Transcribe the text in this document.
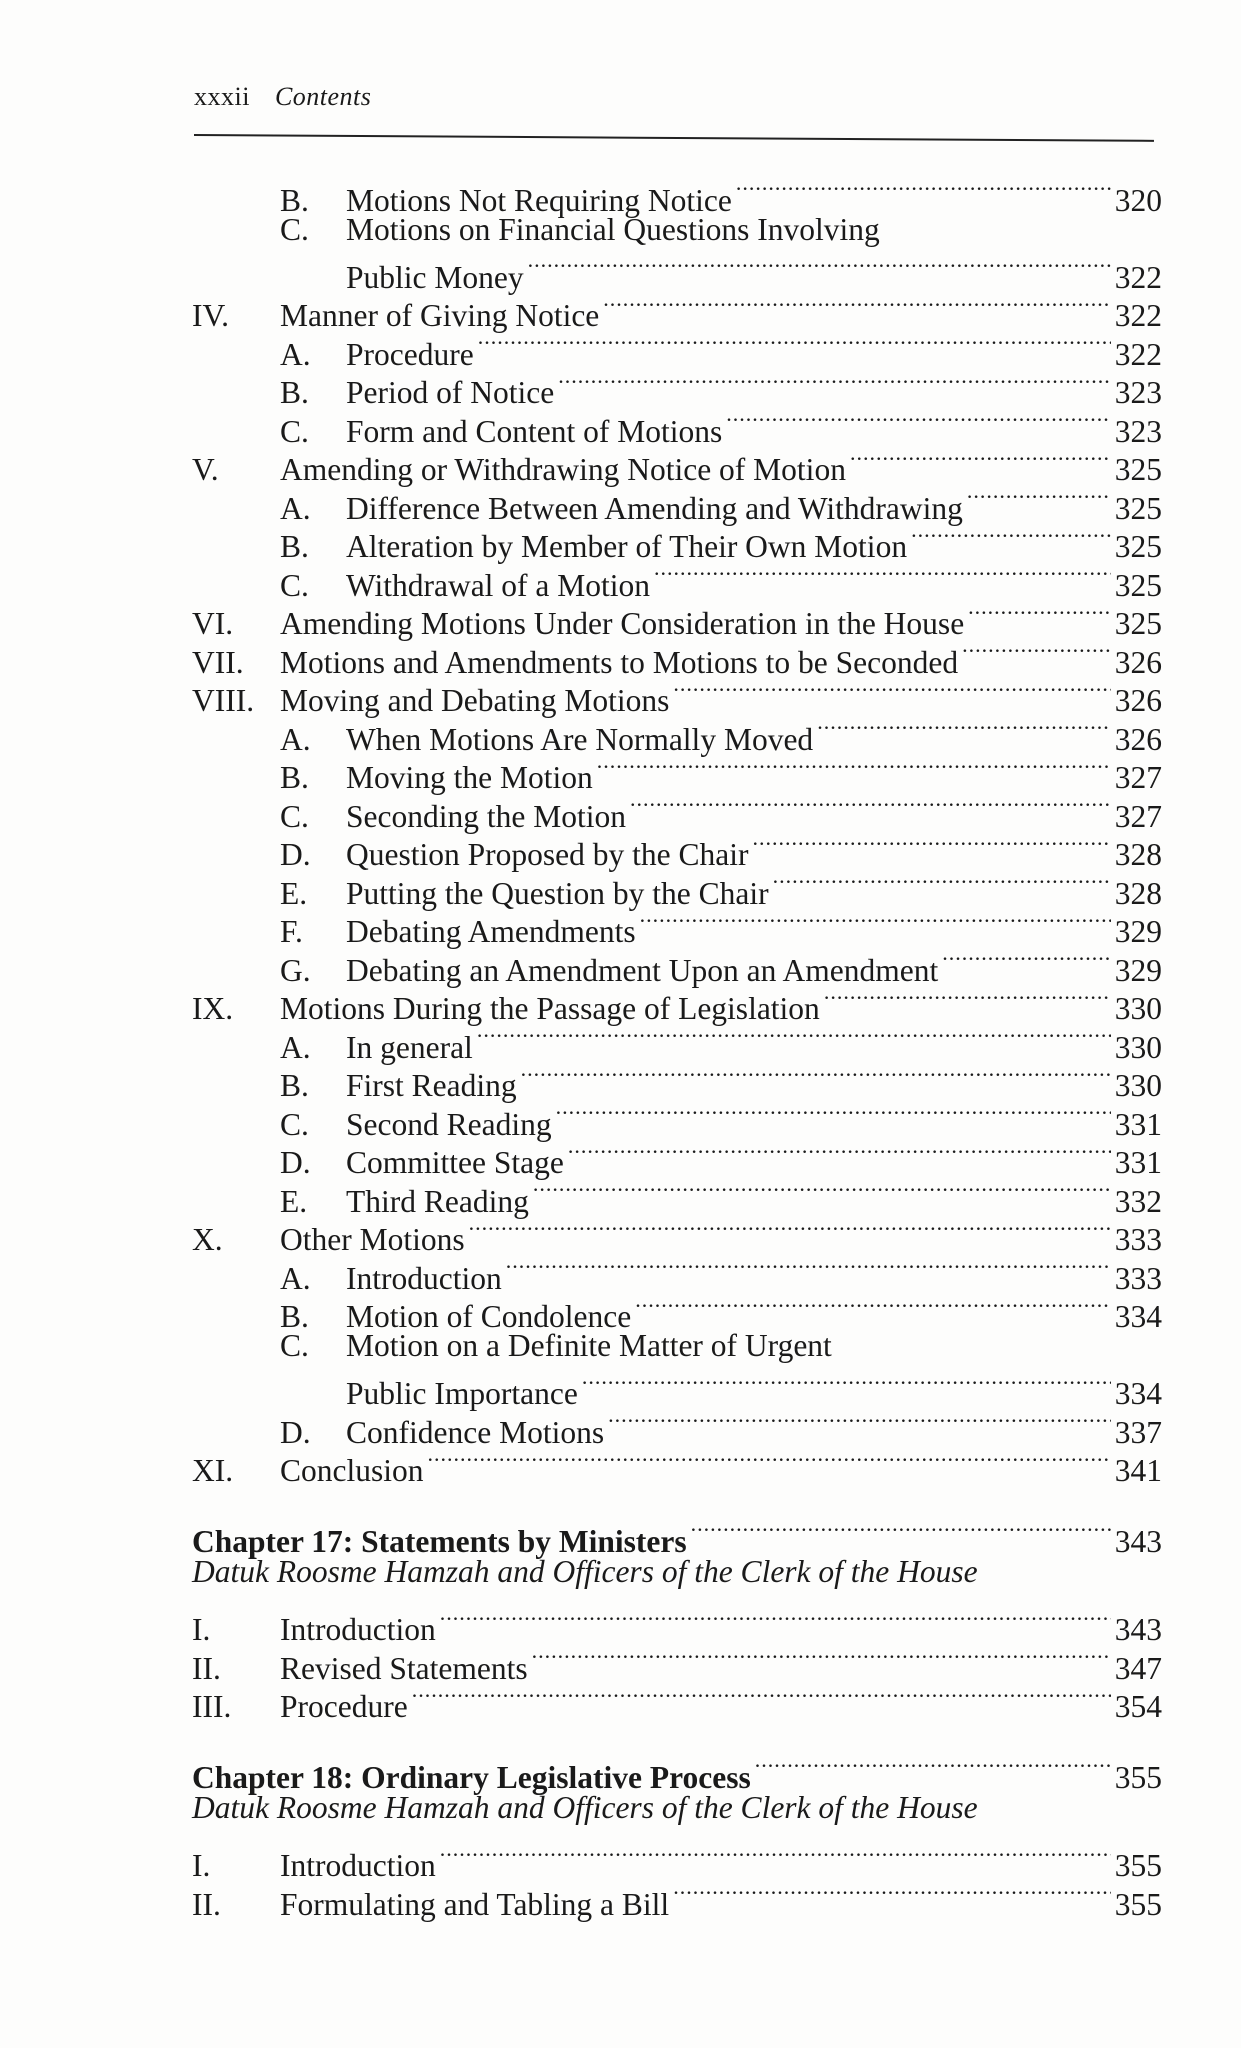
xxxii Contents
B.	Motions Not Requiring Notice .....	320
C.	Motions on Financial Questions Involving
Public Money .....	322
IV.	Manner of Giving Notice .....	322
A.	Procedure .....	322
B.	Period of Notice .....	323
C.	Form and Content of Motions .....	323
V.	Amending or Withdrawing Notice of Motion .....	325
A.	Difference Between Amending and Withdrawing .....	325
B.	Alteration by Member of Their Own Motion .....	325
C.	Withdrawal of a Motion .....	325
VI.	Amending Motions Under Consideration in the House .....	325
VII.	Motions and Amendments to Motions to be Seconded .....	326
VIII. Moving and Debating Motions .....	326
A.	When Motions Are Normally Moved .....	326
B.	Moving the Motion .....	327
C.	Seconding the Motion .....	327
D.	Question Proposed by the Chair .....	328
E.	Putting the Question by the Chair .....	328
F.	Debating Amendments .....	329
G.	Debating an Amendment Upon an Amendment .....	329
IX.	Motions During the Passage of Legislation .....	330
A.	In general .....	330
B.	First Reading .....	330
C.	Second Reading .....	331
D.	Committee Stage .....	331
E.	Third Reading .....	332
X.	Other Motions .....	333
A.	Introduction .....	333
B.	Motion of Condolence .....	334
C.	Motion on a Definite Matter of Urgent
Public Importance .....	334
D.	Confidence Motions .....	337
XI.	Conclusion .....	341
Chapter 17: Statements by Ministers .....	343
Datuk Roosme Hamzah and Officers of the Clerk of the House
I.	Introduction .....	343
II.	Revised Statements .....	347
III.	Procedure .....	354
Chapter 18: Ordinary Legislative Process .....	355
Datuk Roosme Hamzah and Officers of the Clerk of the House
I.	Introduction .....	355
II.	Formulating and Tabling a Bill .....	355
